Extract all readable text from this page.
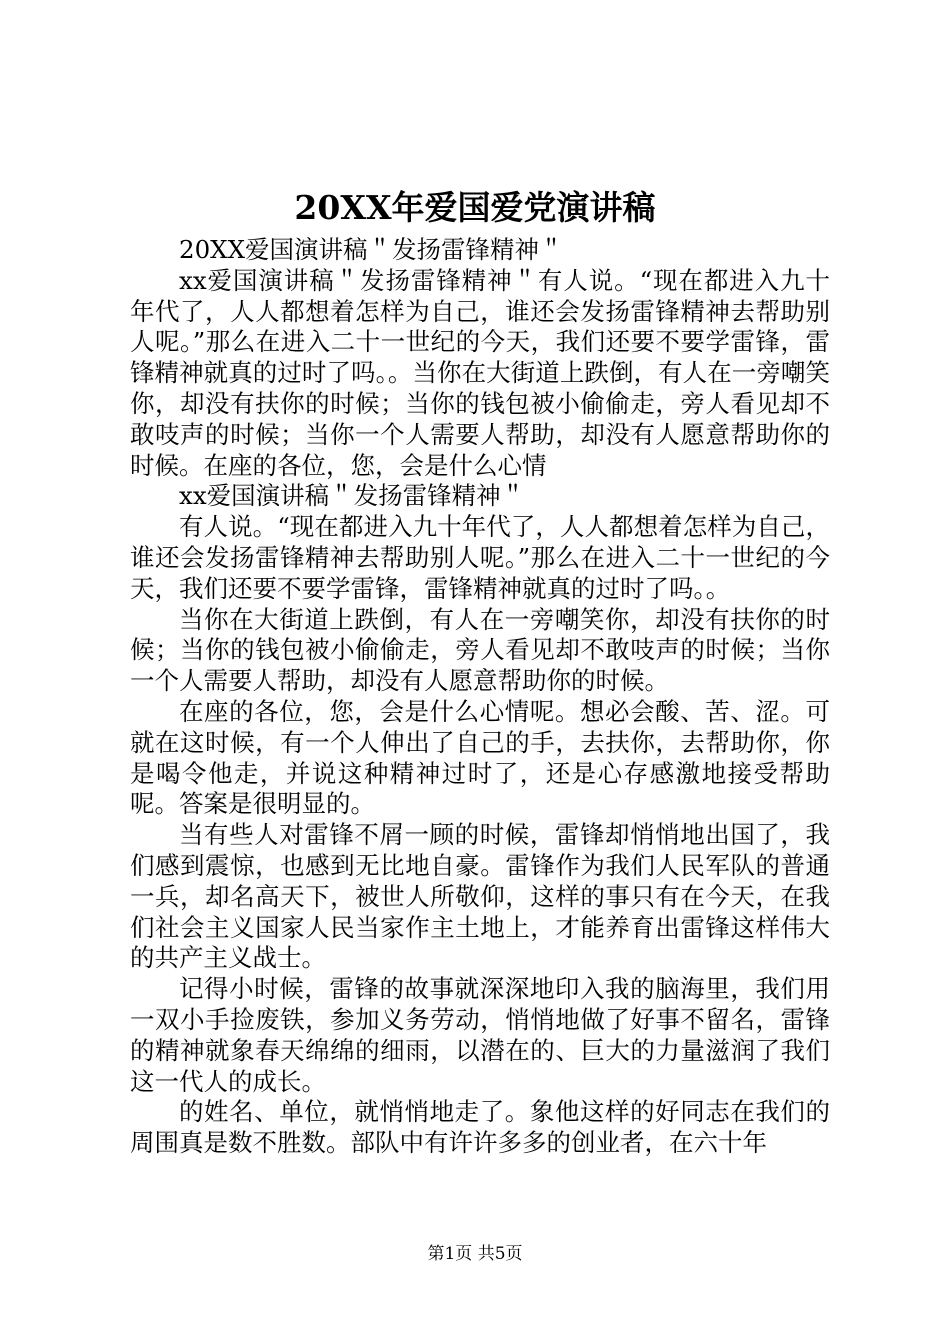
20XX年爱国爱党演讲稿

20XX爱国演讲稿＂发扬雷锋精神＂

xx爱国演讲稿＂发扬雷锋精神＂有人说。“现在都进入九十年代了，人人都想着怎样为自己，谁还会发扬雷锋精神去帮助别人呢。”那么在进入二十一世纪的今天，我们还要不要学雷锋，雷锋精神就真的过时了吗。。当你在大街道上跌倒，有人在一旁嘲笑你，却没有扶你的时候；当你的钱包被小偷偷走，旁人看见却不敢吱声的时候；当你一个人需要人帮助，却没有人愿意帮助你的时候。在座的各位，您，会是什么心情

xx爱国演讲稿＂发扬雷锋精神＂

有人说。“现在都进入九十年代了，人人都想着怎样为自己，谁还会发扬雷锋精神去帮助别人呢。”那么在进入二十一世纪的今天，我们还要不要学雷锋，雷锋精神就真的过时了吗。。

当你在大街道上跌倒，有人在一旁嘲笑你，却没有扶你的时候；当你的钱包被小偷偷走，旁人看见却不敢吱声的时候；当你一个人需要人帮助，却没有人愿意帮助你的时候。

在座的各位，您，会是什么心情呢。想必会酸、苦、涩。可就在这时候，有一个人伸出了自己的手，去扶你，去帮助你，你是喝令他走，并说这种精神过时了，还是心存感激地接受帮助呢。答案是很明显的。

当有些人对雷锋不屑一顾的时候，雷锋却悄悄地出国了，我们感到震惊，也感到无比地自豪。雷锋作为我们人民军队的普通一兵，却名高天下，被世人所敬仰，这样的事只有在今天，在我们社会主义国家人民当家作主土地上，才能养育出雷锋这样伟大的共产主义战士。

记得小时候，雷锋的故事就深深地印入我的脑海里，我们用一双小手捡废铁，参加义务劳动，悄悄地做了好事不留名，雷锋的精神就象春天绵绵的细雨，以潜在的、巨大的力量滋润了我们这一代人的成长。

的姓名、单位，就悄悄地走了。象他这样的好同志在我们的周围真是数不胜数。部队中有许许多多的创业者，在六十年

第1页 共5页
